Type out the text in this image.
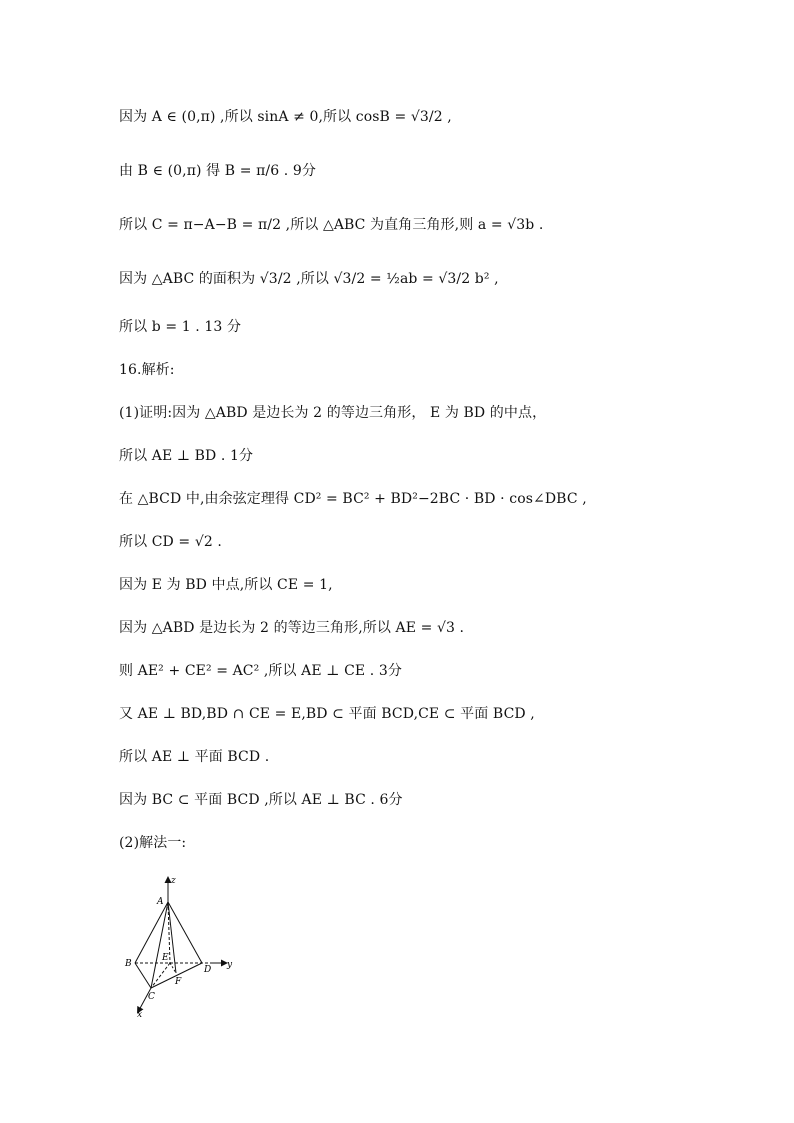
因为 A ∈ (0,π) ,所以 sinA ≠ 0,所以 cosB = √3/2 ,
由 B ∈ (0,π) 得 B = π/6 . 9分
所以 C = π−A−B = π/2 ,所以 △ABC 为直角三角形,则 a = √3b .
因为 △ABC 的面积为 √3/2 ,所以 √3/2 = ½ab = √3/2 b² ,
所以 b = 1 . 13 分
16.解析:
(1)证明:因为 △ABD 是边长为 2 的等边三角形， E 为 BD 的中点，
所以 AE ⊥ BD . 1分
在 △BCD 中,由余弦定理得 CD² = BC² + BD²−2BC · BD · cos∠DBC ,
所以 CD = √2 .
因为 E 为 BD 中点,所以 CE = 1,
因为 △ABD 是边长为 2 的等边三角形,所以 AE = √3 .
则 AE² + CE² = AC² ,所以 AE ⊥ CE . 3分
又 AE ⊥ BD,BD ∩ CE = E,BD ⊂ 平面 BCD,CE ⊂ 平面 BCD ,
所以 AE ⊥ 平面 BCD .
因为 BC ⊂ 平面 BCD ,所以 AE ⊥ BC . 6分
(2)解法一:
z
A
B
E
D y
F
C
x
